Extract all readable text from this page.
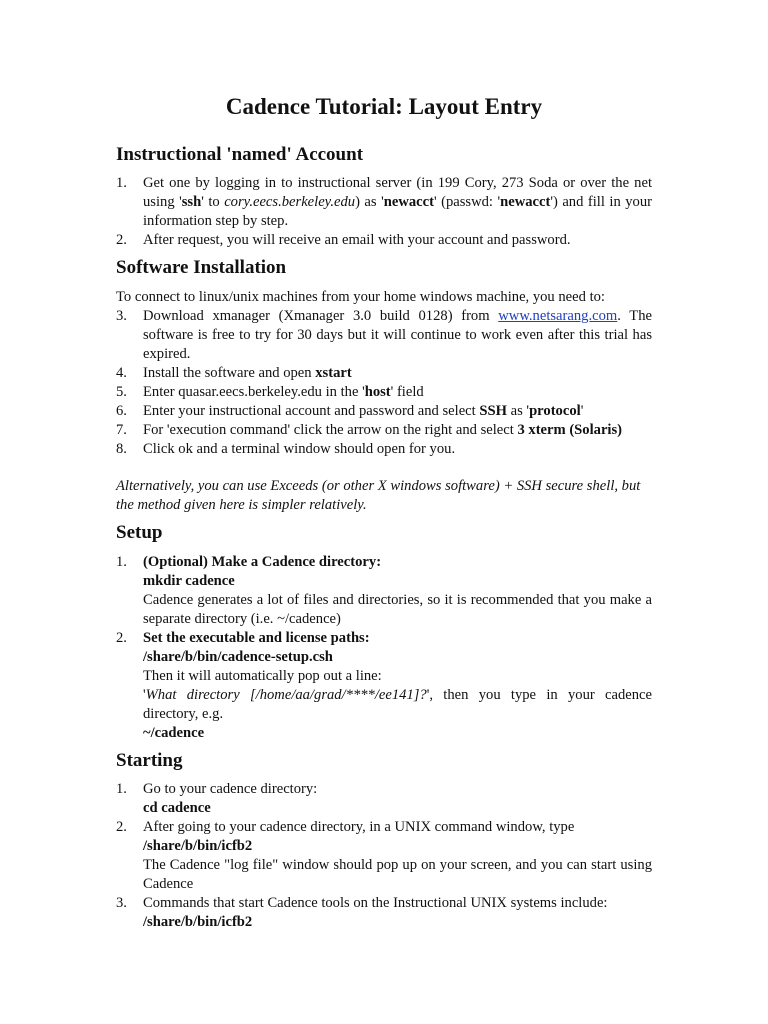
Cadence Tutorial: Layout Entry
Instructional 'named' Account
1. Get one by logging in to instructional server (in 199 Cory, 273 Soda or over the net using 'ssh' to cory.eecs.berkeley.edu) as 'newacct' (passwd: 'newacct') and fill in your information step by step.
2. After request, you will receive an email with your account and password.
Software Installation
To connect to linux/unix machines from your home windows machine, you need to:
3. Download xmanager (Xmanager 3.0 build 0128) from www.netsarang.com. The software is free to try for 30 days but it will continue to work even after this trial has expired.
4. Install the software and open xstart
5. Enter quasar.eecs.berkeley.edu in the 'host' field
6. Enter your instructional account and password and select SSH as 'protocol'
7. For 'execution command' click the arrow on the right and select 3 xterm (Solaris)
8. Click ok and a terminal window should open for you.
Alternatively, you can use Exceeds (or other X windows software) + SSH secure shell, but the method given here is simpler relatively.
Setup
1. (Optional) Make a Cadence directory:
mkdir cadence
Cadence generates a lot of files and directories, so it is recommended that you make a separate directory (i.e. ~/cadence)
2. Set the executable and license paths:
/share/b/bin/cadence-setup.csh
Then it will automatically pop out a line:
'What directory [/home/aa/grad/****/ee141]?', then you type in your cadence directory, e.g.
~/cadence
Starting
1. Go to your cadence directory:
cd cadence
2. After going to your cadence directory, in a UNIX command window, type
/share/b/bin/icfb2
The Cadence "log file" window should pop up on your screen, and you can start using Cadence
3. Commands that start Cadence tools on the Instructional UNIX systems include:
/share/b/bin/icfb2
